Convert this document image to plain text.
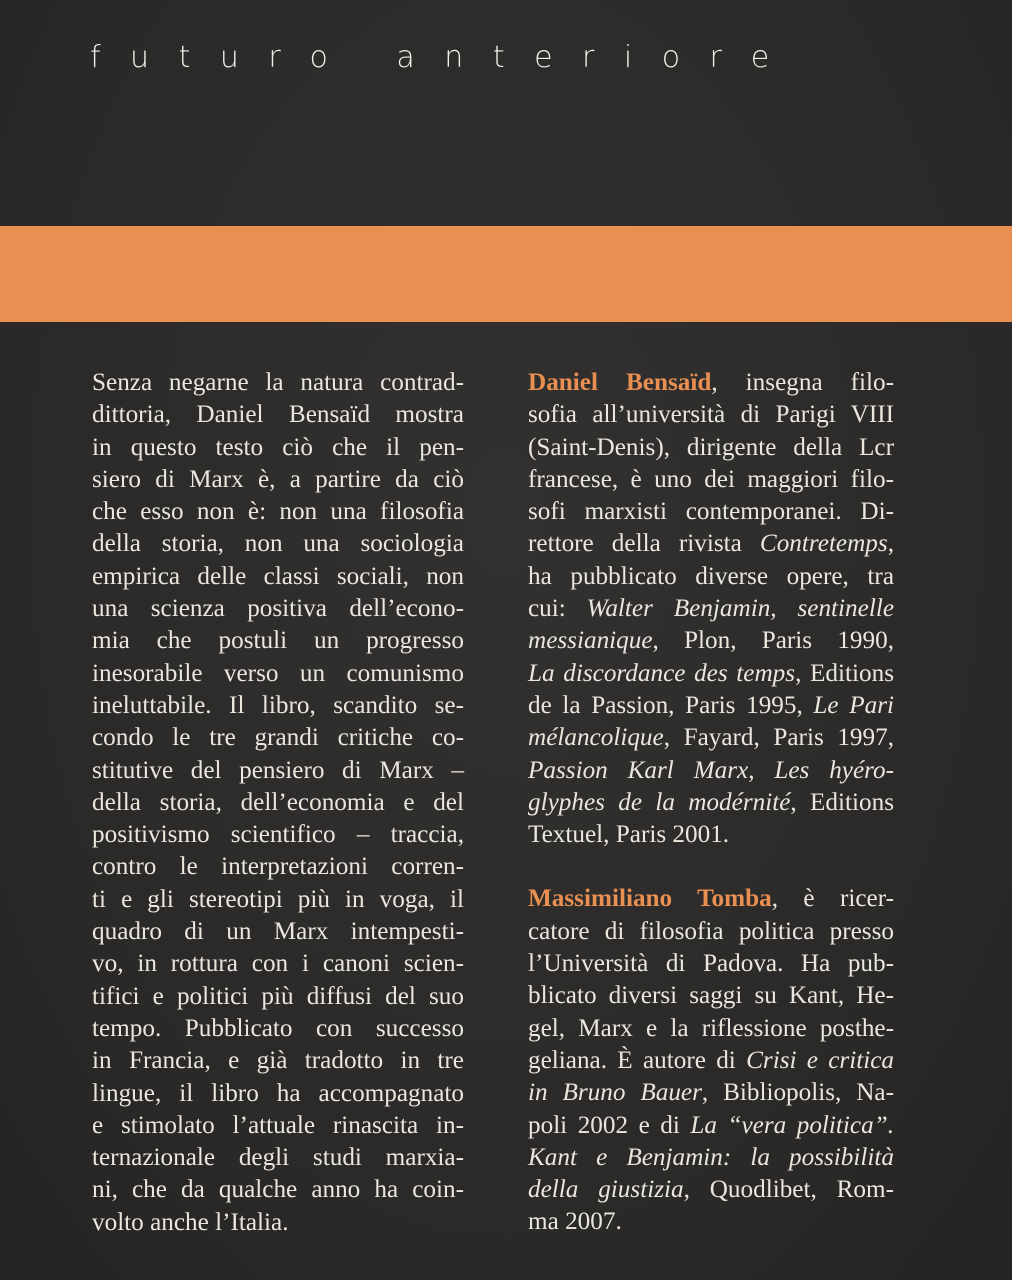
futuro anteriore
Senza negarne la natura contrad-
dittoria, Daniel Bensaïd mostra
in questo testo ciò che il pen-
siero di Marx è, a partire da ciò
che esso non è: non una filosofia
della storia, non una sociologia
empirica delle classi sociali, non
una scienza positiva dell’econo-
mia che postuli un progresso
inesorabile verso un comunismo
ineluttabile. Il libro, scandito se-
condo le tre grandi critiche co-
stitutive del pensiero di Marx –
della storia, dell’economia e del
positivismo scientifico – traccia,
contro le interpretazioni corren-
ti e gli stereotipi più in voga, il
quadro di un Marx intempesti-
vo, in rottura con i canoni scien-
tifici e politici più diffusi del suo
tempo. Pubblicato con successo
in Francia, e già tradotto in tre
lingue, il libro ha accompagnato
e stimolato l’attuale rinascita in-
ternazionale degli studi marxia-
ni, che da qualche anno ha coin-
volto anche l’Italia.
Daniel Bensaïd, insegna filo-
sofia all’università di Parigi VIII
(Saint-Denis), dirigente della Lcr
francese, è uno dei maggiori filo-
sofi marxisti contemporanei. Di-
rettore della rivista Contretemps,
ha pubblicato diverse opere, tra
cui: Walter Benjamin, sentinelle
messianique, Plon, Paris 1990,
La discordance des temps, Editions
de la Passion, Paris 1995, Le Pari
mélancolique, Fayard, Paris 1997,
Passion Karl Marx, Les hyéro-
glyphes de la modérnité, Editions
Textuel, Paris 2001.
Massimiliano Tomba, è ricer-
catore di filosofia politica presso
l’Università di Padova. Ha pub-
blicato diversi saggi su Kant, He-
gel, Marx e la riflessione posthe-
geliana. È autore di Crisi e critica
in Bruno Bauer, Bibliopolis, Na-
poli 2002 e di La “vera politica”.
Kant e Benjamin: la possibilità
della giustizia, Quodlibet, Rom-
ma 2007.
